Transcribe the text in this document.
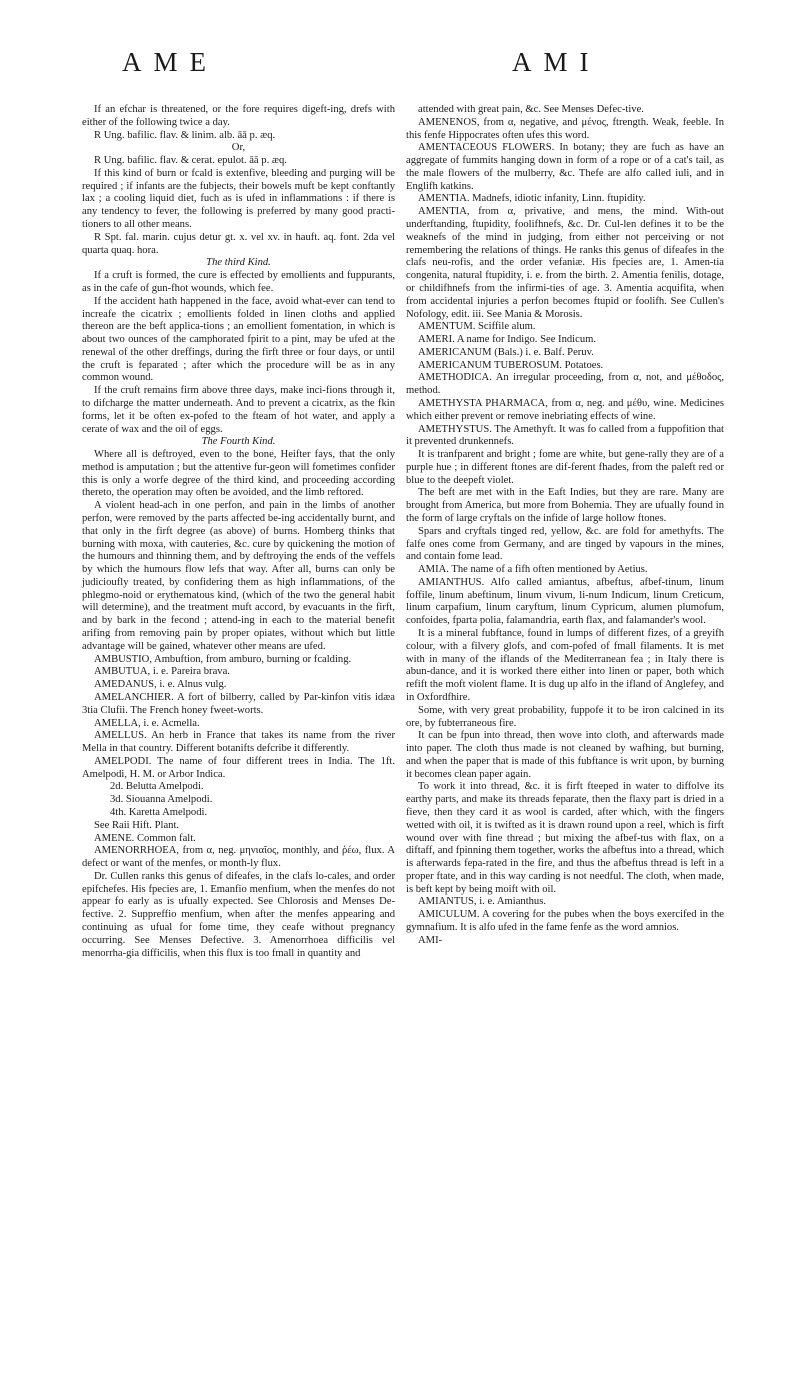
AME	AMI

If an efchar is threatened, or the fore requires digeft-ing, drefs with either of the following twice a day.

R Ung. bafilic. flav. & linim. alb. āā p. æq.

Or,

R Ung. bafilic. flav. & cerat. epulot. āā p. æq.

If this kind of burn or fcald is extenfive, bleeding and purging will be required ; if infants are the fubjects, their bowels muft be kept conftantly lax ; a cooling liquid diet, fuch as is ufed in inflammations : if there is any tendency to fever, the following is preferred by many good practi-tioners to all other means.

R Spt. fal. marin. cujus detur gt. x. vel xv. in hauft. aq. font. 2da vel quarta quaq. hora.

The third Kind.

If a cruft is formed, the cure is effected by emollients and fuppurants, as in the cafe of gun-fhot wounds, which fee.

If the accident hath happened in the face, avoid what-ever can tend to increafe the cicatrix ; emollients folded in linen cloths and applied thereon are the beft applica-tions ; an emollient fomentation, in which is about two ounces of the camphorated fpirit to a pint, may be ufed at the renewal of the other dreffings, during the firft three or four days, or until the cruft is feparated ; after which the procedure will be as in any common wound.

If the cruft remains firm above three days, make inci-fions through it, to difcharge the matter underneath. And to prevent a cicatrix, as the fkin forms, let it be often ex-pofed to the fteam of hot water, and apply a cerate of wax and the oil of eggs.

The Fourth Kind.

Where all is deftroyed, even to the bone, Heifter fays, that the only method is amputation ; but the attentive fur-geon will fometimes confider this is only a worfe degree of the third kind, and proceeding according thereto, the operation may often be avoided, and the limb reftored.

A violent head-ach in one perfon, and pain in the limbs of another perfon, were removed by the parts affected be-ing accidentally burnt, and that only in the firft degree (as above) of burns. Homberg thinks that burning with moxa, with cauteries, &c. cure by quickening the motion of the humours and thinning them, and by deftroying the ends of the veffels by which the humours flow lefs that way. After all, burns can only be judicioufly treated, by confidering them as high inflammations, of the phlegmo-noid or erythematous kind, (which of the two the general habit will determine), and the treatment muft accord, by evacuants in the firft, and by bark in the fecond ; attend-ing in each to the material benefit arifing from removing pain by proper opiates, without which but little advantage will be gained, whatever other means are ufed.

AMBUSTIO, Ambuftion, from amburo, burning or fcalding.

AMBUTUA, i. e. Pareira brava.

AMEDANUS, i. e. Alnus vulg.

AMELANCHIER. A fort of bilberry, called by Par-kinfon vitis idæa 3tia Clufii. The French honey fweet-worts.

AMELLA, i. e. Acmella.

AMELLUS. An herb in France that takes its name from the river Mella in that country. Different botanifts defcribe it differently.

AMELPODI. The name of four different trees in India. The 1ft. Amelpodi, H. M. or Arbor Indica.

2d. Belutta Amelpodi.

3d. Siouanna Amelpodi.

4th. Karetta Amelpodi.

See Raii Hift. Plant.

AMENE. Common falt.

AMENORRHOEA, from α, neg. μηνιαῖος, monthly, and ῥέω, flux. A defect or want of the menfes, or month-ly flux.

Dr. Cullen ranks this genus of difeafes, in the clafs lo-cales, and order epifchefes. His fpecies are, 1. Emanfio menfium, when the menfes do not appear fo early as is ufually expected. See Chlorosis and Menses De-fective. 2. Suppreffio menfium, when after the menfes appearing and continuing as ufual for fome time, they ceafe without pregnancy occurring. See Menses Defective. 3. Amenorrhoea difficilis vel menorrha-gia difficilis, when this flux is too fmall in quantity and

attended with great pain, &c. See Menses Defec-tive.

AMENENOS, from α, negative, and μένος, ftrength. Weak, feeble. In this fenfe Hippocrates often ufes this word.

AMENTACEOUS FLOWERS. In botany; they are fuch as have an aggregate of fummits hanging down in form of a rope or of a cat's tail, as the male flowers of the mulberry, &c. Thefe are alfo called iuli, and in Englifh katkins.

AMENTIA. Madnefs, idiotic infanity, Linn. ftupidity.

AMENTIA, from α, privative, and mens, the mind. With-out underftanding, ftupidity, foolifhnefs, &c. Dr. Cul-len defines it to be the weaknefs of the mind in judging, from either not perceiving or not remembering the relations of things. He ranks this genus of difeafes in the clafs neu-rofis, and the order vefaniæ. His fpecies are, 1. Amen-tia congenita, natural ftupidity, i. e. from the birth. 2. Amentia fenilis, dotage, or childifhnefs from the infirmi-ties of age. 3. Amentia acquifita, when from accidental injuries a perfon becomes ftupid or foolifh. See Cullen's Nofology, edit. iii. See Mania & Morosis.

AMENTUM. Sciffile alum.

AMERI. A name for Indigo. See Indicum.

AMERICANUM (Bals.) i. e. Balf. Peruv.

AMERICANUM TUBEROSUM. Potatoes.

AMETHODICA. An irregular proceeding, from α, not, and μέθοδος, method.

AMETHYSTA PHARMACA, from α, neg. and μέθυ, wine. Medicines which either prevent or remove inebriating effects of wine.

AMETHYSTUS. The Amethyft. It was fo called from a fuppofition that it prevented drunkennefs.

It is tranfparent and bright ; fome are white, but gene-rally they are of a purple hue ; in different ftones are dif-ferent fhades, from the paleft red or blue to the deepeft violet.

The beft are met with in the Eaft Indies, but they are rare. Many are brought from America, but more from Bohemia. They are ufually found in the form of large cryftals on the infide of large hollow ftones.

Spars and cryftals tinged red, yellow, &c. are fold for amethyfts. The falfe ones come from Germany, and are tinged by vapours in the mines, and contain fome lead.

AMIA. The name of a fifh often mentioned by Aetius.

AMIANTHUS. Alfo called amiantus, afbeftus, afbef-tinum, linum foffile, linum abeftinum, linum vivum, li-num Indicum, linum Creticum, linum carpafium, linum caryftum, linum Cypricum, alumen plumofum, confoides, fparta polia, falamandria, earth flax, and falamander's wool.

It is a mineral fubftance, found in lumps of different fizes, of a greyifh colour, with a filvery glofs, and com-pofed of fmall filaments. It is met with in many of the iflands of the Mediterranean fea ; in Italy there is abun-dance, and it is worked there either into linen or paper, both which refift the moft violent flame. It is dug up alfo in the ifland of Anglefey, and in Oxfordfhire.

Some, with very great probability, fuppofe it to be iron calcined in its ore, by fubterraneous fire.

It can be fpun into thread, then wove into cloth, and afterwards made into paper. The cloth thus made is not cleaned by wafhing, but burning, and when the paper that is made of this fubftance is writ upon, by burning it becomes clean paper again.

To work it into thread, &c. it is firft fteeped in water to diffolve its earthy parts, and make its threads feparate, then the flaxy part is dried in a fieve, then they card it as wool is carded, after which, with the fingers wetted with oil, it is twifted as it is drawn round upon a reel, which is firft wound over with fine thread ; but mixing the afbef-tus with flax, on a diftaff, and fpinning them together, works the afbeftus into a thread, which is afterwards fepa-rated in the fire, and thus the afbeftus thread is left in a proper ftate, and in this way carding is not needful. The cloth, when made, is beft kept by being moift with oil.

AMIANTUS, i. e. Amianthus.

AMICULUM. A covering for the pubes when the boys exercifed in the gymnafium. It is alfo ufed in the fame fenfe as the word amnios.

AMI-
